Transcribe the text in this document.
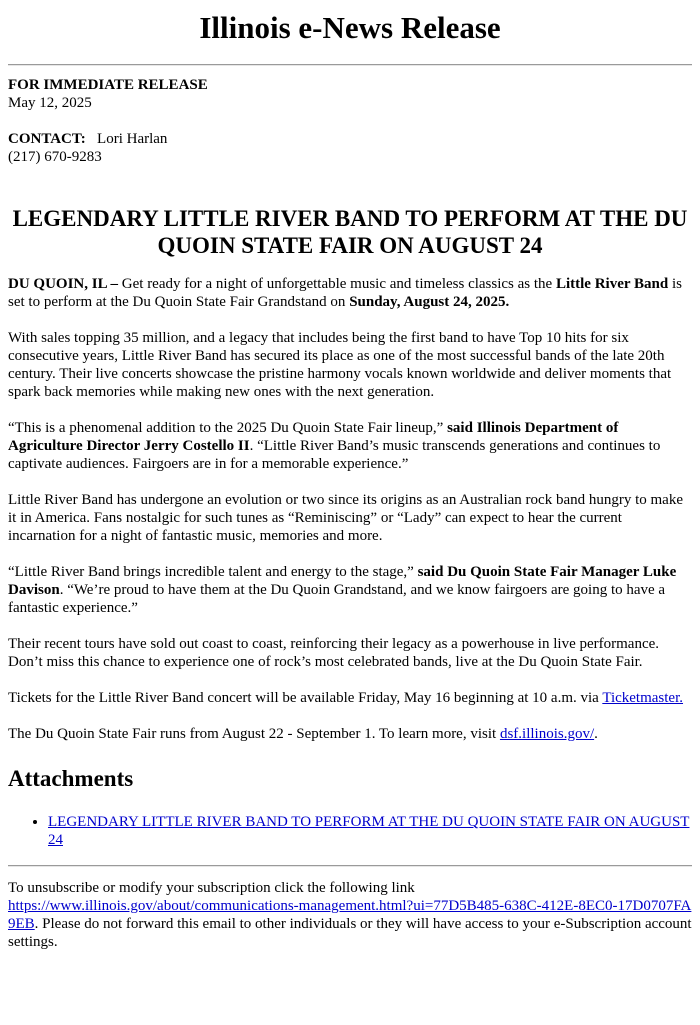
Illinois e-News Release

FOR IMMEDIATE RELEASE

May 12, 2025

CONTACT: Lori Harlan

(217) 670-9283

LEGENDARY LITTLE RIVER BAND TO PERFORM AT THE DU QUOIN STATE FAIR ON AUGUST 24

DU QUOIN, IL – Get ready for a night of unforgettable music and timeless classics as the Little River Band is set to perform at the Du Quoin State Fair Grandstand on Sunday, August 24, 2025.

With sales topping 35 million, and a legacy that includes being the first band to have Top 10 hits for six consecutive years, Little River Band has secured its place as one of the most successful bands of the late 20th century. Their live concerts showcase the pristine harmony vocals known worldwide and deliver moments that spark back memories while making new ones with the next generation.

“This is a phenomenal addition to the 2025 Du Quoin State Fair lineup,” said Illinois Department of Agriculture Director Jerry Costello II. “Little River Band’s music transcends generations and continues to captivate audiences. Fairgoers are in for a memorable experience.”

Little River Band has undergone an evolution or two since its origins as an Australian rock band hungry to make it in America. Fans nostalgic for such tunes as “Reminiscing” or “Lady” can expect to hear the current incarnation for a night of fantastic music, memories and more.

“Little River Band brings incredible talent and energy to the stage,” said Du Quoin State Fair Manager Luke Davison. “We’re proud to have them at the Du Quoin Grandstand, and we know fairgoers are going to have a fantastic experience.”

Their recent tours have sold out coast to coast, reinforcing their legacy as a powerhouse in live performance. Don’t miss this chance to experience one of rock’s most celebrated bands, live at the Du Quoin State Fair.

Tickets for the Little River Band concert will be available Friday, May 16 beginning at 10 a.m. via Ticketmaster.

The Du Quoin State Fair runs from August 22 - September 1. To learn more, visit dsf.illinois.gov/.

Attachments
• LEGENDARY LITTLE RIVER BAND TO PERFORM AT THE DU QUOIN STATE FAIR ON AUGUST 24

To unsubscribe or modify your subscription click the following link

https://www.illinois.gov/about/communications-management.html?ui=77D5B485-638C-412E-8EC0-17D0707FA9EB. Please do not forward this email to other individuals or they will have access to your e-Subscription account settings.
